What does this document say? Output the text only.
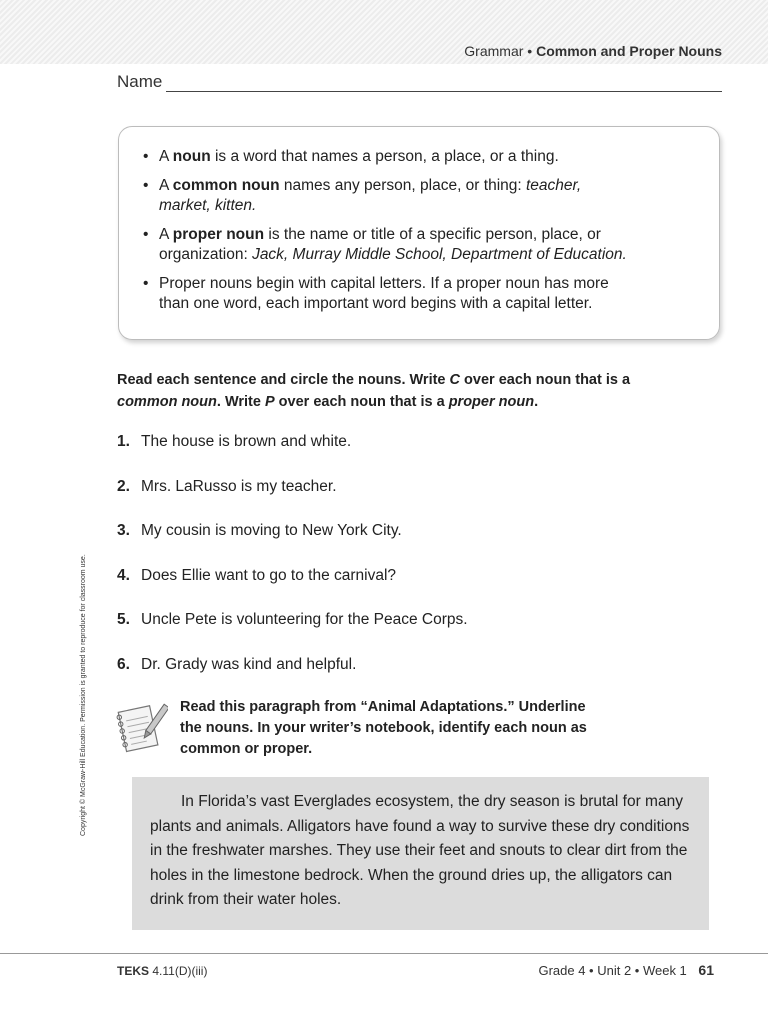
Grammar • Common and Proper Nouns
Name
• A noun is a word that names a person, a place, or a thing.
• A common noun names any person, place, or thing: teacher,
market, kitten.
• A proper noun is the name or title of a specific person, place, or
organization: Jack, Murray Middle School, Department of Education.
• Proper nouns begin with capital letters. If a proper noun has more
than one word, each important word begins with a capital letter.
Read each sentence and circle the nouns. Write C over each noun that is a
common noun. Write P over each noun that is a proper noun.
1. The house is brown and white.
2. Mrs. LaRusso is my teacher.
3. My cousin is moving to New York City.
4. Does Ellie want to go to the carnival?
5. Uncle Pete is volunteering for the Peace Corps.
6. Dr. Grady was kind and helpful.
Read this paragraph from “Animal Adaptations.” Underline
the nouns. In your writer’s notebook, identify each noun as
common or proper.

In Florida’s vast Everglades ecosystem, the dry season is brutal for many plants and animals. Alligators have found a way to survive these dry conditions in the freshwater marshes. They use their feet and snouts to clear dirt from the holes in the limestone bedrock. When the ground dries up, the alligators can drink from their water holes.

Copyright © McGraw-Hill Education. Permission is granted to reproduce for classroom use.
TEKS 4.11(D)(iii)	Grade 4 • Unit 2 • Week 1 61
